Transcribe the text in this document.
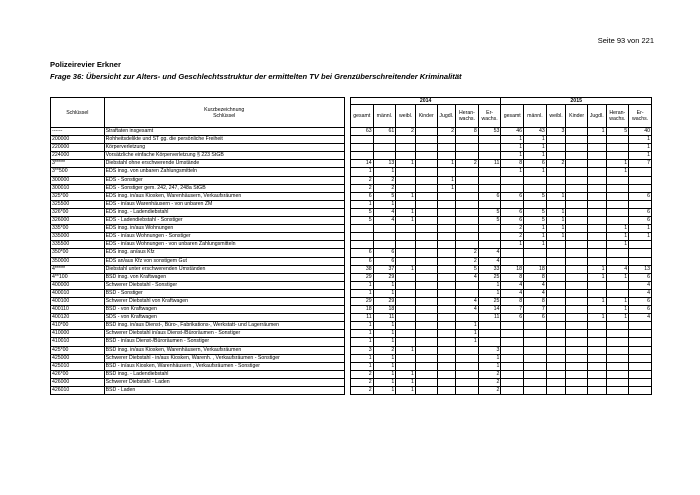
Seite 93 von 221
Polizeirevier Erkner
Frage 36: Übersicht zur Alters- und Geschlechtsstruktur der ermittelten TV bei Grenzüberschreitender Kriminalität
Schlüssel	Kurzbezeichnung
Schlüssel		2014							2015						
			gesamt	männl.	weibl.	Kinder	Jugdl.	Heran-wachs.	Er-wachs.	gesamt	männl.	weibl.	Kinder	Jugdl.	Heran-wachs.	Er-wachs.
------	Straftaten insgesamt		63	61	2		2	8	53	46	43	3		1	5	40
200000	Rohheitsdelikte und ST gg. die persönliche Freiheit									1	1					1
220000	Körperverletzung									1	1					1
224000	Vorsätzliche einfache Körperverletzung § 223 StGB									1	1					1
3*****	Diebstahl ohne erschwerende Umstände		14	13	1		1	2	11	8	6	2			1	7
3**500	EDS insg. von unbaren Zahlungsmitteln		1	1						1	1				1	
300000	EDS - Sonstiger		2	2			1									
300010	EDS - Sonstiger gem. 242, 247, 248a StGB		2	2			1									
325*00	EDS insg. in/aus Kiosken, Warenhäusern, Verkaufsräumen		6	5	1				6	6	5	1				6
325500	EDS - in/aus Warenhäusern - von unbaren ZM		1	1												
326*00	EDS insg. - Ladendiebstahl		5	4	1				5	6	5	1				6
326000	EDS - Ladendiebstahl - Sonstiger		5	4	1				5	6	5	1				6
335*00	EDS insg. in/aus Wohnungen									2	1	1			1	1
335000	EDS - in/aus Wohnungen - Sonstiger									2	1	1			1	1
335500	EDS - in/aus Wohnungen - von unbaren Zahlungsmitteln									1	1				1	
350*00	EDS insg. an/aus Kfz		6	6				2	4							
350000	EDS an/aus Kfz von sonstigem Gut		6	6				2	4							
4*****	Diebstahl unter erschwerenden Umständen		38	37	1			5	33	18	18			1	4	13
4**100	BSD insg. von Kraftwagen		29	29				4	25	8	8			1	1	6
400000	Schwerer Diebstahl - Sonstiger		1	1					1	4	4					4
400010	BSD - Sonstiger		1	1					1	4	4					4
400100	Schwerer Diebstahl von Kraftwagen		29	29				4	25	8	8			1	1	6
400110	BSD - von Kraftwagen		18	18				4	14	7	7				1	6
400120	SDS - von Kraftwagen		11	11					11	6	6			1	1	4
410*00	BSD insg. in/aus Dienst-, Büro-, Fabrikations-, Werkstatt- und Lagerräumen		1	1				1								
410000	Schwerer Diebstahl in/aus Dienst-/Büroräumen - Sonstiger		1	1				1								
410010	BSD - in/aus Dienst-/Büroräumen - Sonstiger		1	1				1								
425*00	BSD insg. in/aus Kiosken, Warenhäusern, Verkaufsräumen		3	2	1				3							
425000	Schwerer Diebstahl - in/aus Kiosken, Warenh. , Verkaufsräumen - Sonstiger		1	1					1							
425010	BSD - in/aus Kiosken, Warenhäusern , Verkaufsräumen - Sonstiger		1	1					1							
426*00	BSD insg. - Ladendiebstahl		2	1	1				2							
426000	Schwerer Diebstahl - Laden		2	1	1				2							
426010	BSD - Laden		2	1	1				2							
